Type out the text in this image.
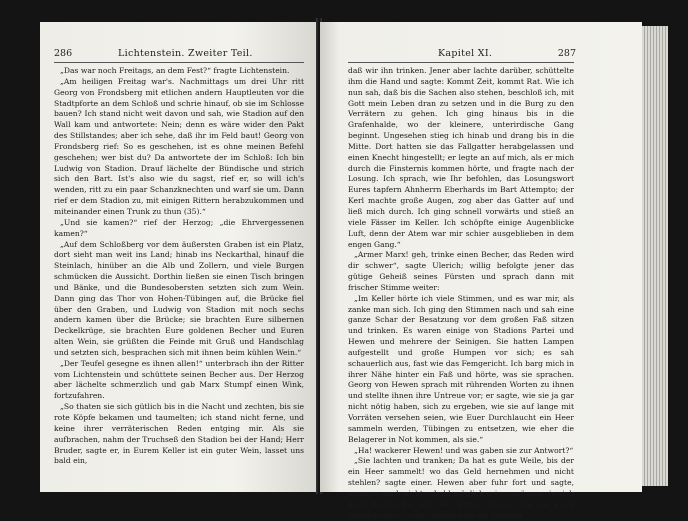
286	Lichtenstein. Zweiter Teil.

„Das war noch Freitags, an dem Fest?“ fragte Lichtenstein.

„Am heiligen Freitag war's. Nachmittags um drei Uhr ritt Georg von Frondsberg mit etlichen andern Hauptleuten vor die Stadtpforte an dem Schloß und schrie hinauf, ob sie im Schlosse bauen? Ich stand nicht weit davon und sah, wie Stadion auf den Wall kam und antwortete: Nein; denn es wäre wider den Pakt des Stillstandes; aber ich sehe, daß ihr im Feld baut! Georg von Frondsberg rief: So es geschehen, ist es ohne meinen Befehl geschehen; wer bist du? Da antwortete der im Schloß: Ich bin Ludwig von Stadion. Drauf lächelte der Bündische und strich sich den Bart. Ist's also wie du sagst, rief er, so will ich's wenden, ritt zu ein paar Schanzknechten und warf sie um. Dann rief er dem Stadion zu, mit einigen Rittern herabzukommen und miteinander einen Trunk zu thun (35).“

„Und sie kamen?“ rief der Herzog; „die Ehrvergessenen kamen?“

„Auf dem Schloßberg vor dem äußersten Graben ist ein Platz, dort sieht man weit ins Land; hinab ins Neckarthal, hinauf die Steinlach, hinüber an die Alb und Zollern, und viele Burgen schmücken die Aussicht. Dorthin ließen sie einen Tisch bringen und Bänke, und die Bundesobersten setzten sich zum Wein. Dann ging das Thor von Hohen-Tübingen auf, die Brücke fiel über den Graben, und Ludwig von Stadion mit noch sechs andern kamen über die Brücke; sie brachten Eure silbernen Deckelkrüge, sie brachten Eure goldenen Becher und Euren alten Wein, sie grüßten die Feinde mit Gruß und Handschlag und setzten sich, besprachen sich mit ihnen beim kühlen Wein.“

„Der Teufel gesegne es ihnen allen!“ unterbrach ihn der Ritter vom Lichtenstein und schüttete seinen Becher aus. Der Herzog aber lächelte schmerzlich und gab Marx Stumpf einen Wink, fortzufahren.

„So thaten sie sich gütlich bis in die Nacht und zechten, bis sie rote Köpfe bekamen und taumelten; ich stand nicht ferne, und keine ihrer verräterischen Reden entging mir. Als sie aufbrachen, nahm der Truchseß den Stadion bei der Hand; Herr Bruder, sagte er, in Eurem Keller ist ein guter Wein, lasset uns bald ein,

Kapitel XI.	287

daß wir ihn trinken. Jener aber lachte darüber, schüttelte ihm die Hand und sagte: Kommt Zeit, kommt Rat. Wie ich nun sah, daß bis die Sachen also stehen, beschloß ich, mit Gott mein Leben dran zu setzen und in die Burg zu den Verrätern zu gehen. Ich ging hinaus bis in die Grafenhalde, wo der kleinere, unterirdische Gang beginnt. Ungesehen stieg ich hinab und drang bis in die Mitte. Dort hatten sie das Fallgatter herabgelassen und einen Knecht hingestellt; er legte an auf mich, als er mich durch die Finsternis kommen hörte, und fragte nach der Losung. Ich sprach, wie Ihr befohlen, das Losungswort Eures tapfern Ahnherrn Eberhards im Bart Attempto; der Kerl machte große Augen, zog aber das Gatter auf und ließ mich durch. Ich ging schnell vorwärts und stieß an viele Fässer im Keller. Ich schöpfte einige Augenblicke Luft, denn der Atem war mir schier ausgeblieben in dem engen Gang.“

„Armer Marx! geh, trinke einen Becher, das Reden wird dir schwer“, sagte Ulerich; willig befolgte jener das gütige Geheiß seines Fürsten und sprach dann mit frischer Stimme weiter:

„Im Keller hörte ich viele Stimmen, und es war mir, als zanke man sich. Ich ging den Stimmen nach und sah eine ganze Schar der Besatzung vor dem großen Faß sitzen und trinken. Es waren einige von Stadions Partei und Hewen und mehrere der Seinigen. Sie hatten Lampen aufgestellt und große Humpen vor sich; es sah schauerlich aus, fast wie das Femgericht. Ich barg mich in ihrer Nähe hinter ein Faß und hörte, was sie sprachen. Georg von Hewen sprach mit rührenden Worten zu ihnen und stellte ihnen ihre Untreue vor; er sagte, wie sie ja gar nicht nötig haben, sich zu ergeben, wie sie auf lange mit Vorräten versehen seien, wie Euer Durchlaucht ein Heer sammeln werden, Tübingen zu entsetzen, wie eher die Belagerer in Not kommen, als sie.“

„Ha! wackerer Hewen! und was gaben sie zur Antwort?“

„Sie lachten und tranken; Da hat es gute Weile, bis der ein Heer sammelt! wo das Geld hernehmen und nicht stehlen? sagte einer. Hewen aber fuhr fort und sagte, wenn es auch nicht sobald möglich sei, so müssen sie sich doch halten bis auf den letzten Mann, wie sie Euch zugeschworen, sonst handeln sie als Verräter
